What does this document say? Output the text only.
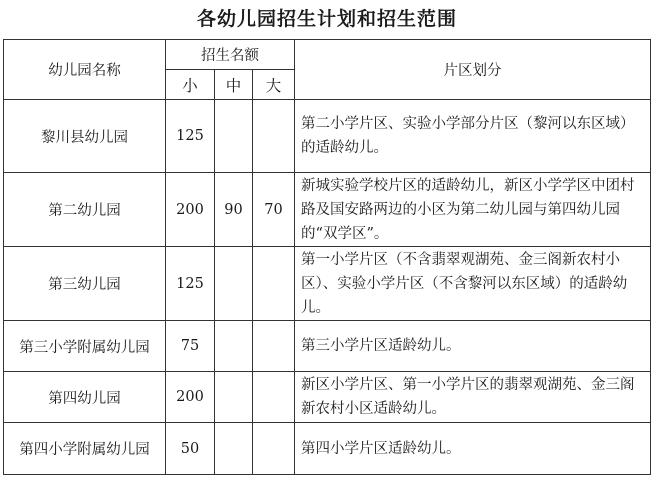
各幼儿园招生计划和招生范围
幼儿园名称	招生名额			片区划分
	小	中	大	
黎川县幼儿园	125			第二小学片区、实验小学部分片区（黎河以东区域）的适龄幼儿。
第二幼儿园	200	90	70	新城实验学校片区的适龄幼儿，新区小学学区中团村路及国安路两边的小区为第二幼儿园与第四幼儿园的“双学区”。
第三幼儿园	125			第一小学片区（不含翡翠观湖苑、金三阁新农村小区）、实验小学片区（不含黎河以东区域）的适龄幼儿。
第三小学附属幼儿园	75			第三小学片区适龄幼儿。
第四幼儿园	200			新区小学片区、第一小学片区的翡翠观湖苑、金三阁新农村小区适龄幼儿。
第四小学附属幼儿园	50			第四小学片区适龄幼儿。
